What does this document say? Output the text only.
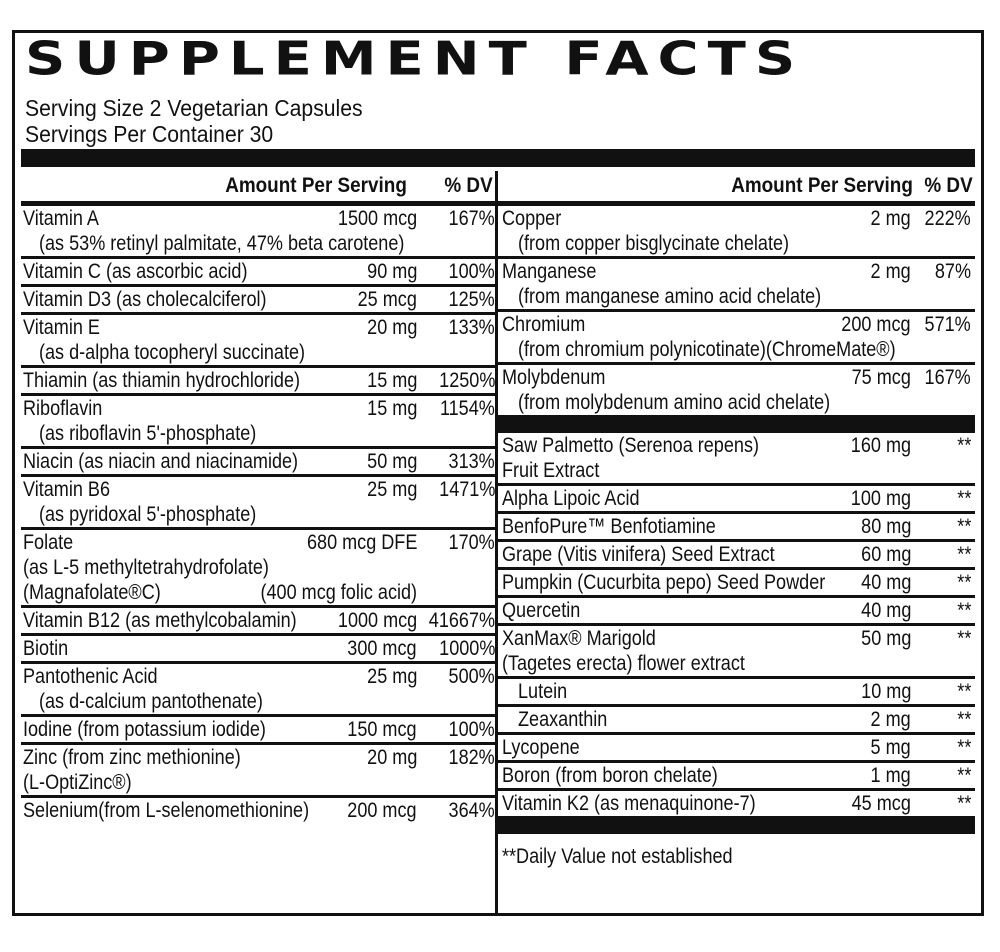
SUPPLEMENT FACTS
Serving Size 2 Vegetarian Capsules
Servings Per Container 30
Amount Per Serving % DV
Vitamin A	1500 mcg 167%
(as 53% retinyl palmitate, 47% beta carotene)
Vitamin C (as ascorbic acid)	90 mg 100%
Vitamin D3 (as cholecalciferol)	25 mcg 125%
Vitamin E	20 mg 133%
(as d-alpha tocopheryl succinate)
Thiamin (as thiamin hydrochloride)	15 mg 1250%
Riboflavin	15 mg 1154%
(as riboflavin 5'-phosphate)
Niacin (as niacin and niacinamide)	50 mg 313%
Vitamin B6	25 mg 1471%
(as pyridoxal 5'-phosphate)
Folate	680 mcg DFE 170%
(as L-5 methyltetrahydrofolate)
(Magnafolate®C)	(400 mcg folic acid)
Vitamin B12 (as methylcobalamin) 1000 mcg 41667%
Biotin	300 mcg 1000%
Pantothenic Acid	25 mg 500%
(as d-calcium pantothenate)
Iodine (from potassium iodide)	150 mcg 100%
Zinc (from zinc methionine)	20 mg 182%
(L-OptiZinc®)
Selenium(from L-selenomethionine) 200 mcg 364%
Amount Per Serving % DV
Copper	2 mg 222%
(from copper bisglycinate chelate)
Manganese	2 mg 87%
(from manganese amino acid chelate)
Chromium	200 mcg 571%
(from chromium polynicotinate)(ChromeMate®)
Molybdenum	75 mcg 167%
(from molybdenum amino acid chelate)
Saw Palmetto (Serenoa repens)	160 mg **
Fruit Extract
Alpha Lipoic Acid	100 mg **
BenfoPure™ Benfotiamine	80 mg **
Grape (Vitis vinifera) Seed Extract	60 mg **
Pumpkin (Cucurbita pepo) Seed Powder 40 mg **
Quercetin	40 mg **
XanMax® Marigold	50 mg **
(Tagetes erecta) flower extract
Lutein	10 mg **
Zeaxanthin	2 mg **
Lycopene	5 mg **
Boron (from boron chelate)	1 mg **
Vitamin K2 (as menaquinone-7)	45 mcg **
**Daily Value not established
